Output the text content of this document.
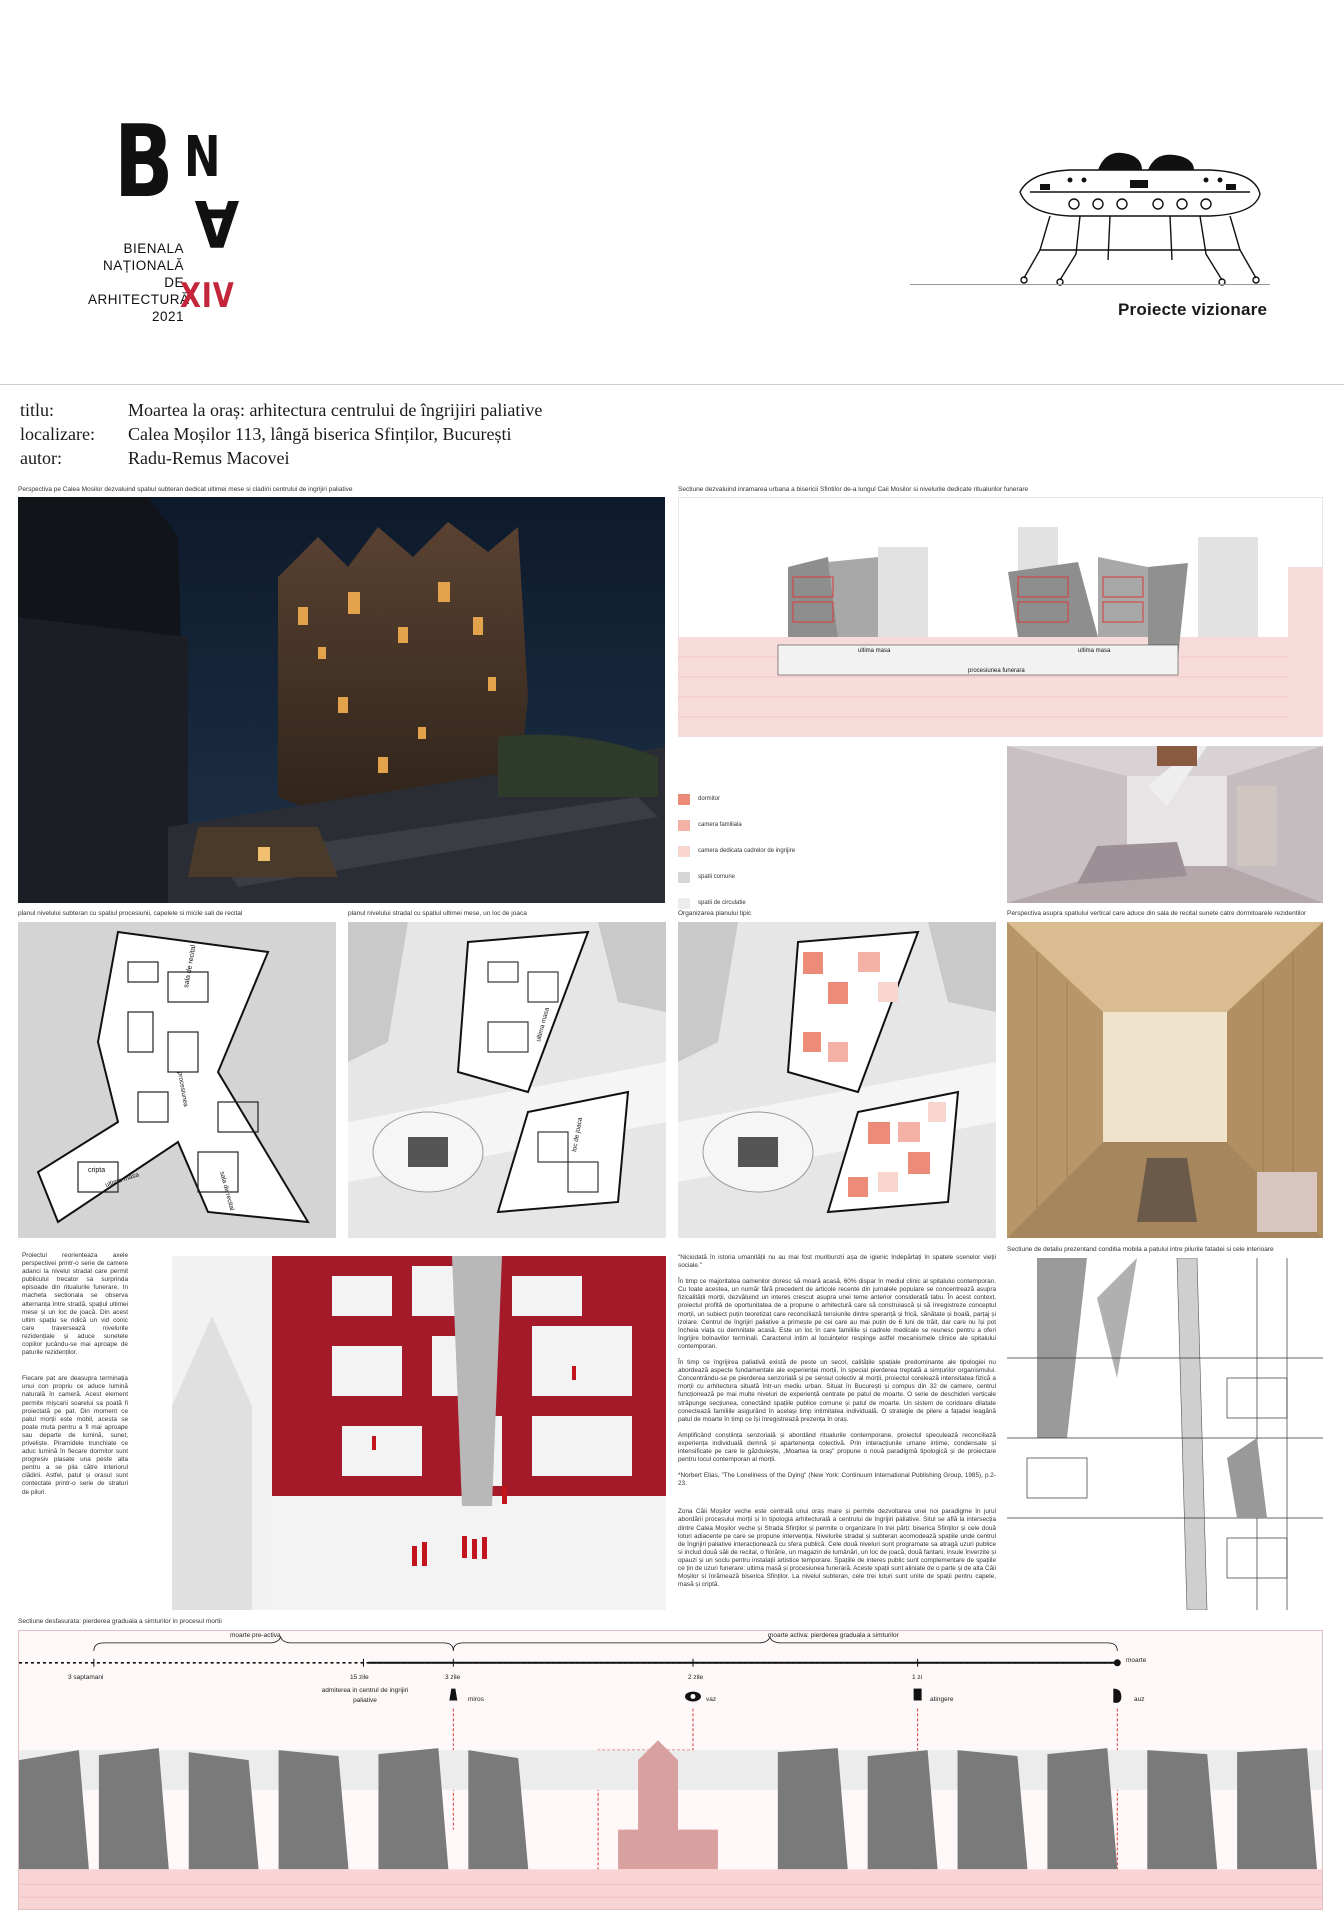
B N
A
BIENALA
NAȚIONALĂ
DE
ARHITECTURĂ
2021
XIV	Proiecte vizionare
titlu:	Moartea la oraș: arhitectura centrului de îngrijiri paliative
localizare:	Calea Moșilor 113, lângă biserica Sfinților, București
autor:	Radu-Remus Macovei
Perspectiva pe Calea Mosilor dezvaluind spatiul subteran dedicat ultimei mese si cladirii centrului de ingrijiri paliative	Sectiune dezvaluind inramarea urbana a bisericii Sfintilor de-a lungul Caii Mosilor si nivelurile dedicate ritualurilor funerare
ultima masa	ultima masa
procesiunea funerara
dormitor
camera familiala
camera dedicata cadrelor de ingrijire
spatii comune
spatii de circulatie
planul nivelului subteran cu spatiul procesiunii, capelele si micile sali de recital
sala de recital
cripta
ultima masa	sala de recital
procesiunea
planul nivelului stradal cu spatiul ultimei mese, un loc de joaca
ultima masa
loc de joaca
Organizarea planului tipic	Perspectiva asupra spatiului vertical care aduce din sala de recital sunete catre dormitoarele rezidentilor

Proiectul reorienteaza axele perspectivei printr-o serie de camere adanci la nivelul stradal care permit publicului trecator sa surprinda episoade din ritualurile funerare. In macheta sectionala se observa alternanța între stradă, spațiul ultimei mese și un loc de joacă. Din acest ultim spațiu se ridică un vid conic care traversează nivelurile rezidențiale și aduce sunetele copiilor jucându-se mai aproape de paturile rezidenților.

Fiecare pat are deasupra terminația unui con propriu ce aduce lumină naturală în cameră. Acest element permite mișcarii soarelui sa poată fi proiectată pe pat. Din moment ce patul morții este mobil, acesta se poate muta pentru a fi mai aproape sau departe de lumină, sunet, priveliște. Piramidele trunchiate ce aduc lumină în fiecare dormitor sunt progresiv plasate una peste alta pentru a se pila către interiorul clădirii. Astfel, patul și orasul sunt contectate printr-o serie de straturi de piluri.

"Niciodată în istoria umanității nu au mai fost muribunzii așa de igienic îndepărtați în spatele scenelor vieții sociale."

În timp ce majoritatea oamenilor doresc să moară acasă, 60% dispar în mediul clinic al spitalului contemporan. Cu toate acestea, un număr fără precedent de articole recente din jurnalele populare se concentrează asupra fizicalității morții, dezvăluind un interes crescut asupra unei teme anterior considerată tabu. În acest context, proiectul profită de oportunitatea de a propune o arhitectură care să construiască și să înregistreze conceptul morții, un subiect puțin teoretizat care reconciliază tensiunile dintre speranță și frică, sănătate și boală, parțaj și izolare. Centrul de îngrijiri paliative a primește pe cei care au mai puțin de 6 luni de trăit, dar care nu își pot încheia viața cu demnitate acasă. Este un loc în care familiile și cadrele medicale se reunesc pentru a oferi îngrijire bolnavilor terminali. Caracterul intim al locuințelor respinge astfel mecanismele clinice ale spitalului contemporan.

În timp ce îngrijirea paliativă există de peste un secol, calitățile spațiale predominante ale tipologiei nu abordează aspecte fundamentale ale experienței morții, în special pierderea treptată a simțurilor organismului. Concentrându-se pe pierderea senzorială și pe sensul colectiv al morții, proiectul corelează intensitatea fizică a morții cu arhitectura situată într-un mediu urban. Situat în București și compus din 32 de camere, centrul funcționează pe mai multe niveluri de experiență centrate pe patul de moarte. O serie de deschideri verticale străpunge secțiunea, conectând spațiile publice comune și patul de moarte. Un sistem de coridoare dilatate conectează familiile asigurând în același timp intimitatea individuală. O strategie de pilere a fațadei leagănă patul de moarte în timp ce își înregistrează prezența în oraș.

Amplificând conștiința senzorială și abordând ritualurile contemporane, proiectul speculează reconciliază experiența individuală demnă și apartenența colectivă. Prin interacțiunile umane intime, condensate și intensificate pe care le găzduiește, „Moartea la oraș" propune o nouă paradigmă tipologică și de proiectare pentru locul contemporan al morții.

*Norbert Elias, "The Loneliness of the Dying" (New York: Continuum International Publishing Group, 1985), p.2-23.

Zona Căii Moșilor veche este centrală unui oraș mare și permite dezvoltarea unei noi paradigme în jurul abordării procesului morții și în tipologia arhitecturală a centrului de îngrijiri paliative. Situl se află la intersecția dintre Calea Moșilor veche și Strada Sfinților și permite o organizare în trei părți: biserica Sfinților și cele două loturi adiacente pe care se propune intervenția. Nivelurile stradal și subteran acomodează spațiile unde centrul de îngrijiri paliative interacționează cu sfera publică. Cele două niveluri sunt programate sa atragă uzuri publice si includ două săli de recital, o florărie, un magazin de lumânări, un loc de joacă, două fantani, insule înverzite și opauzi și un soclu pentru instalații artistice temporare. Spațiile de interes public sunt complementare de spațiile ce țin de uzuri funerare: ultima masă și procesiunea funerară. Aceste spații sunt aliniate de o parte și de alta Căii Moșilor si înrămează biserica Sfinților. La nivelul subteran, cele trei loturi sunt unite de spații pentru capele, masă și criptă.

Sectiune de detaliu prezentand conditia mobila a patului intre pilurile fatadei si cele interioare
Sectiune desfasurata: pierderea graduala a simturilor in procesul mortii
moarte pre-activa	moarte activa: pierderea graduala a simturilor
moarte
3 saptamani	15 zile
admiterea in centrul de ingrijiri paliative
3 zile	2 zile	1 zi
miros	vaz	atingere	auz
